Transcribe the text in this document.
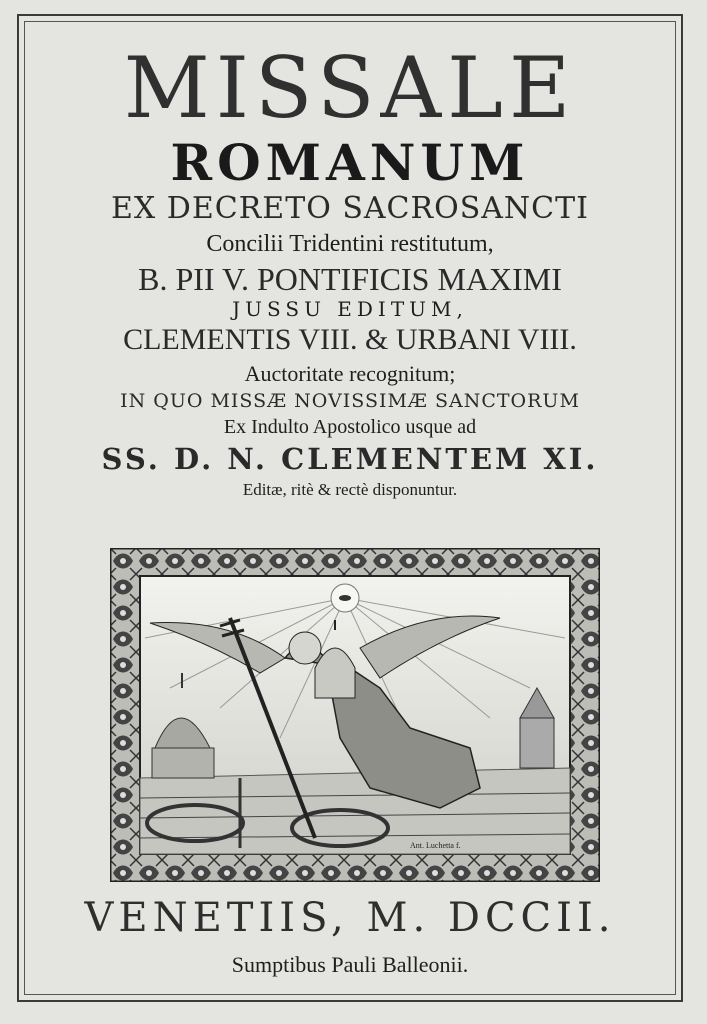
MISSALE
ROMANUM
EX DECRETO SACROSANCTI
Concilii Tridentini restitutum,
B. PII V. PONTIFICIS MAXIMI
JUSSU EDITUM,
CLEMENTIS VIII. & URBANI VIII.
Auctoritate recognitum;
IN QUO MISSÆ NOVISSIMÆ SANCTORUM
Ex Indulto Apostolico usque ad
SS. D. N. CLEMENTEM XI.
Editæ, ritè & rectè disponuntur.
Ant. Luchetta f.
VENETIIS, M. DCCII.
Sumptibus Pauli Balleonii.
